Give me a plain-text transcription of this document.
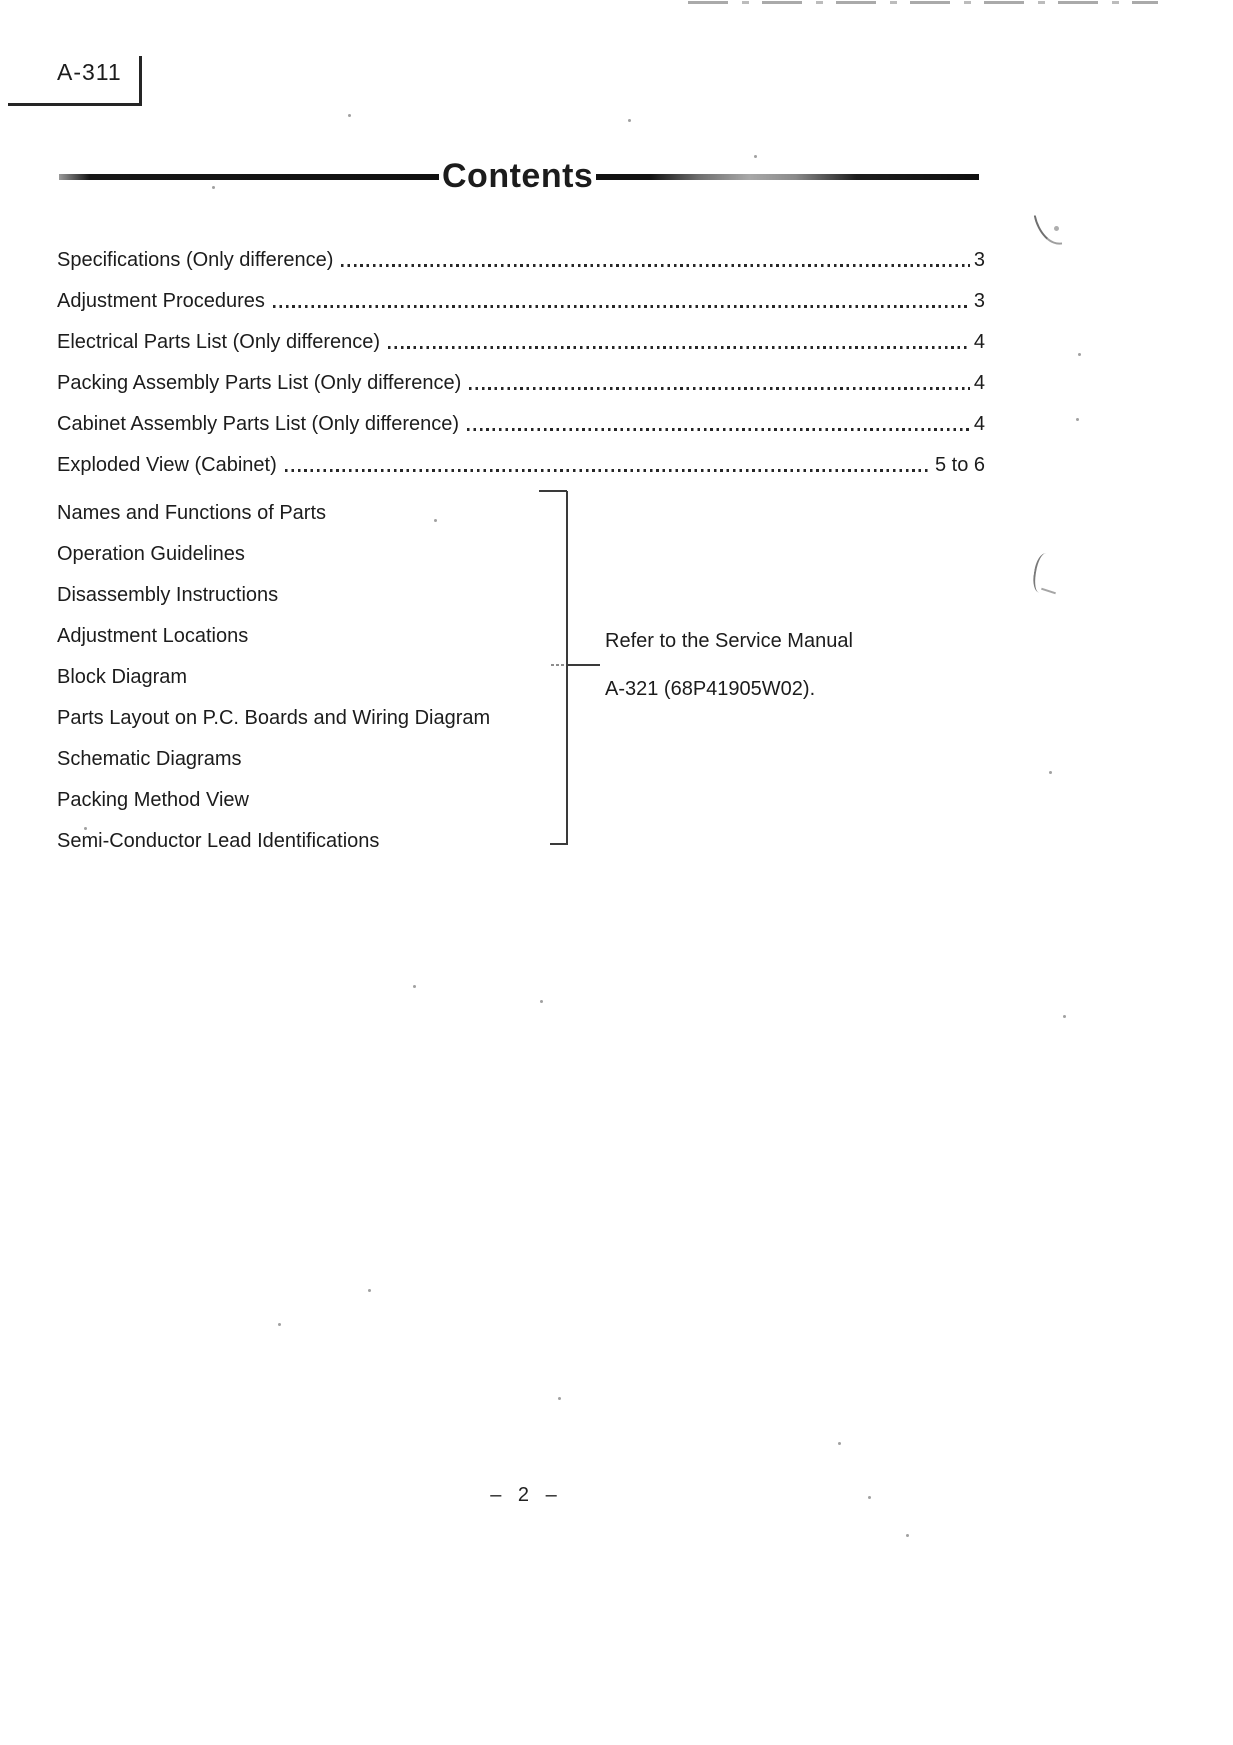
A-311
Contents
Specifications (Only difference)	3
Adjustment Procedures	3
Electrical Parts List (Only difference)	4
Packing Assembly Parts List (Only difference)	4
Cabinet Assembly Parts List (Only difference)	4
Exploded View (Cabinet)	5 to 6
Names and Functions of Parts
Operation Guidelines
Disassembly Instructions
Adjustment Locations
Block Diagram
Parts Layout on P.C. Boards and Wiring Diagram
Schematic Diagrams
Packing Method View
Semi-Conductor Lead Identifications
Refer to the Service Manual
A-321 (68P41905W02).
– 2 –
